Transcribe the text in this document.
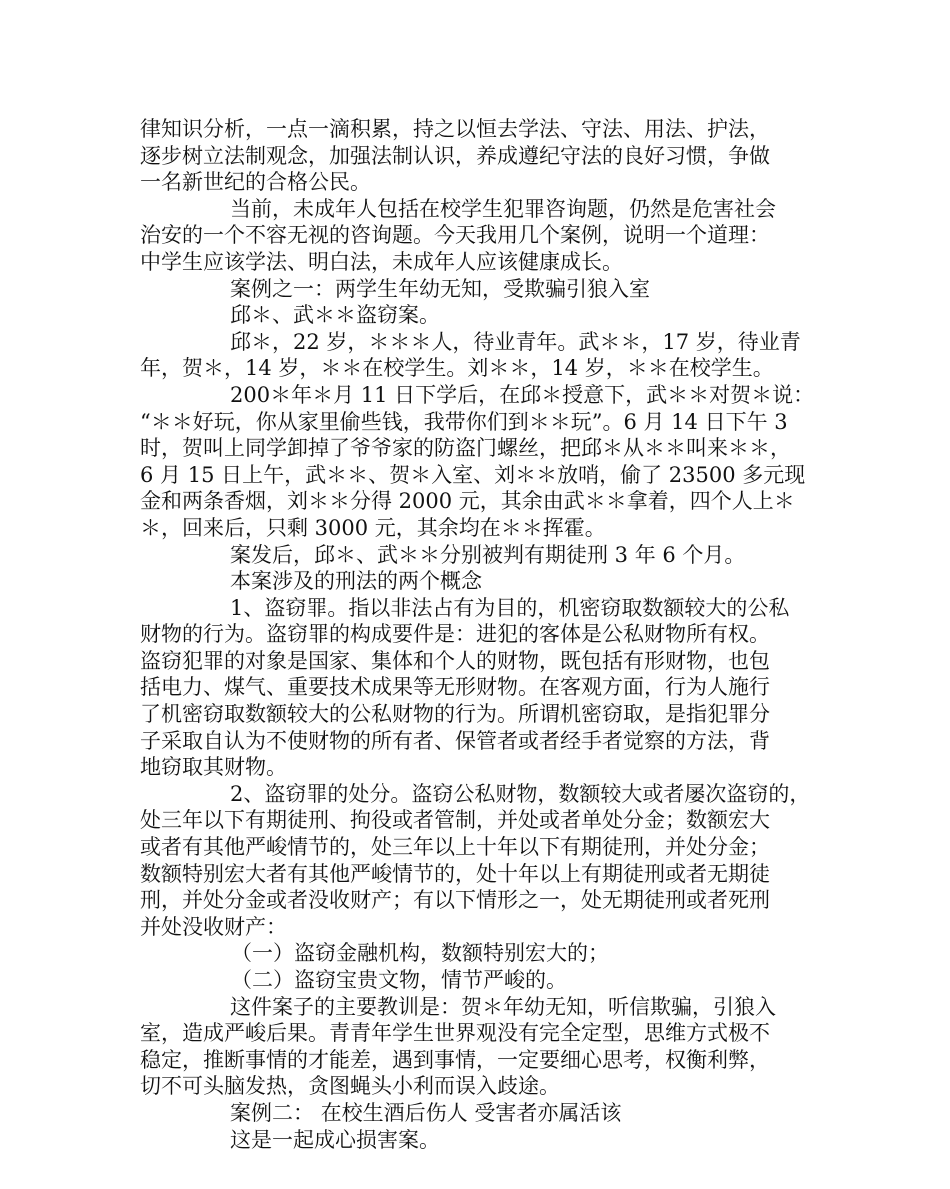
律知识分析，一点一滴积累，持之以恒去学法、守法、用法、护法，
逐步树立法制观念，加强法制认识，养成遵纪守法的良好习惯，争做
一名新世纪的合格公民。
当前，未成年人包括在校学生犯罪咨询题，仍然是危害社会
治安的一个不容无视的咨询题。今天我用几个案例，说明一个道理：
中学生应该学法、明白法，未成年人应该健康成长。
案例之一：两学生年幼无知，受欺骗引狼入室
邱＊、武＊＊盗窃案。
邱＊，22 岁，＊＊＊人，待业青年。武＊＊，17 岁，待业青
年，贺＊，14 岁，＊＊在校学生。刘＊＊，14 岁，＊＊在校学生。
200＊年＊月 11 日下学后，在邱＊授意下，武＊＊对贺＊说：
“＊＊好玩，你从家里偷些钱，我带你们到＊＊玩”。6 月 14 日下午 3
时，贺叫上同学卸掉了爷爷家的防盗门螺丝，把邱＊从＊＊叫来＊＊，
6 月 15 日上午，武＊＊、贺＊入室、刘＊＊放哨，偷了 23500 多元现
金和两条香烟，刘＊＊分得 2000 元，其余由武＊＊拿着，四个人上＊
＊，回来后，只剩 3000 元，其余均在＊＊挥霍。
案发后，邱＊、武＊＊分别被判有期徒刑 3 年 6 个月。
本案涉及的刑法的两个概念
1、盗窃罪。指以非法占有为目的，机密窃取数额较大的公私
财物的行为。盗窃罪的构成要件是：进犯的客体是公私财物所有权。
盗窃犯罪的对象是国家、集体和个人的财物，既包括有形财物，也包
括电力、煤气、重要技术成果等无形财物。在客观方面，行为人施行
了机密窃取数额较大的公私财物的行为。所谓机密窃取，是指犯罪分
子采取自认为不使财物的所有者、保管者或者经手者觉察的方法，背
地窃取其财物。
2、盗窃罪的处分。盗窃公私财物，数额较大或者屡次盗窃的，
处三年以下有期徒刑、拘役或者管制，并处或者单处分金；数额宏大
或者有其他严峻情节的，处三年以上十年以下有期徒刑，并处分金；
数额特别宏大者有其他严峻情节的，处十年以上有期徒刑或者无期徒
刑，并处分金或者没收财产；有以下情形之一，处无期徒刑或者死刑
并处没收财产：
（一）盗窃金融机构，数额特别宏大的；
（二）盗窃宝贵文物，情节严峻的。
这件案子的主要教训是：贺＊年幼无知，听信欺骗，引狼入
室，造成严峻后果。青青年学生世界观没有完全定型，思维方式极不
稳定，推断事情的才能差，遇到事情，一定要细心思考，权衡利弊，
切不可头脑发热，贪图蝇头小利而误入歧途。
案例二： 在校生酒后伤人 受害者亦属活该
这是一起成心损害案。
